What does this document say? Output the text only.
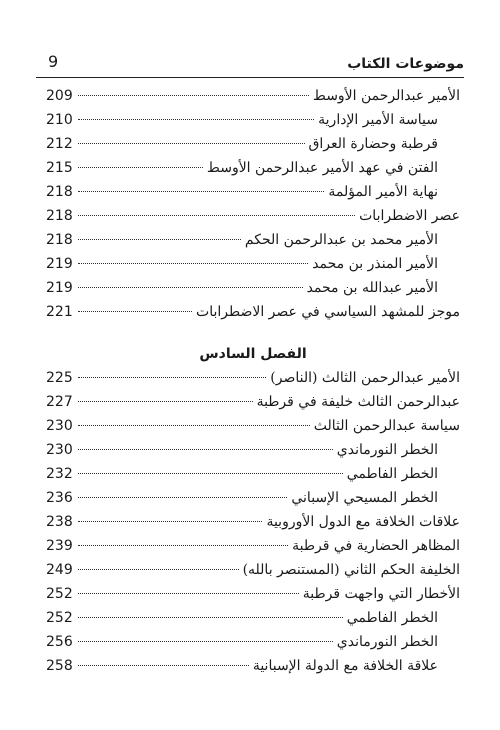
9	موضوعات الكتاب
الأمير عبدالرحمن الأوسط
209
سياسة الأمير الإدارية
210
قرطبة وحضارة العراق
212
الفتن في عهد الأمير عبدالرحمن الأوسط
215
نهاية الأمير المؤلمة
218
عصر الاضطرابات
218
الأمير محمد بن عبدالرحمن الحكم
218
الأمير المنذر بن محمد
219
الأمير عبدالله بن محمد
219
موجز للمشهد السياسي في عصر الاضطرابات
221
الأمير عبدالرحمن الثالث (الناصر)
225
عبدالرحمن الثالث خليفة في قرطبة
227
سياسة عبدالرحمن الثالث
230
الخطر النورماندي
230
الخطر الفاطمي
232
الخطر المسيحي الإسباني
236
علاقات الخلافة مع الدول الأوروبية
238
المظاهر الحضارية في قرطبة
239
الخليفة الحكم الثاني (المستنصر بالله)
249
الأخطار التي واجهت قرطبة
252
الخطر الفاطمي
252
الخطر النورماندي
256
علاقة الخلافة مع الدولة الإسبانية
258
الفصل السادس
